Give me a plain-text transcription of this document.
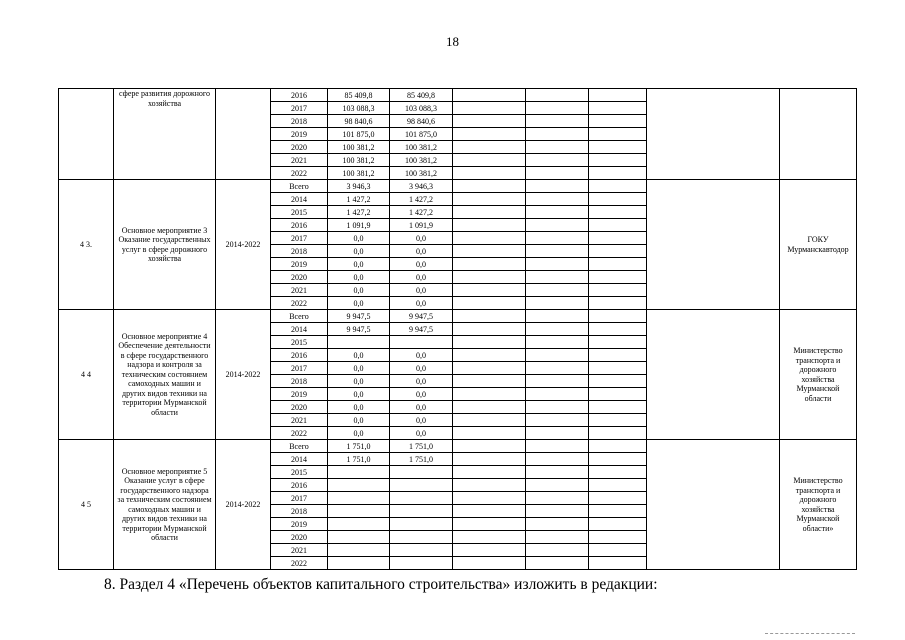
18
	сфере развития дорожного хозяйства		2016	85 409,8	85 409,8					
			2017	103 088,3	103 088,3					
			2018	98 840,6	98 840,6					
			2019	101 875,0	101 875,0					
			2020	100 381,2	100 381,2					
			2021	100 381,2	100 381,2					
			2022	100 381,2	100 381,2					
4 3.	Основное мероприятие 3 Оказание государственных услуг в сфере дорожного хозяйства	2014-2022	Всего	3 946,3	3 946,3					ГОКУ Мурманскавтодор
			2014	1 427,2	1 427,2					
			2015	1 427,2	1 427,2					
			2016	1 091,9	1 091,9					
			2017	0,0	0,0					
			2018	0,0	0,0					
			2019	0,0	0,0					
			2020	0,0	0,0					
			2021	0,0	0,0					
			2022	0,0	0,0					
4 4	Основное мероприятие 4 Обеспечение деятельности в сфере государственного надзора и контроля за техническим состоянием самоходных машин и других видов техники на территории Мурманской области	2014-2022	Всего	9 947,5	9 947,5					Министерство транспорта и дорожного хозяйства Мурманской области
			2014	9 947,5	9 947,5					
			2015							
			2016	0,0	0,0					
			2017	0,0	0,0					
			2018	0,0	0,0					
			2019	0,0	0,0					
			2020	0,0	0,0					
			2021	0,0	0,0					
			2022	0,0	0,0					
4 5	Основное мероприятие 5 Оказание услуг в сфере государственного надзора за техническим состоянием самоходных машин и других видов техники на территории Мурманской области	2014-2022	Всего	1 751,0	1 751,0					Министерство транспорта и дорожного хозяйства Мурманской области»
			2014	1 751,0	1 751,0					
			2015							
			2016							
			2017							
			2018							
			2019							
			2020							
			2021							
			2022							
8. Раздел 4 «Перечень объектов капитального строительства» изложить в редакции:
